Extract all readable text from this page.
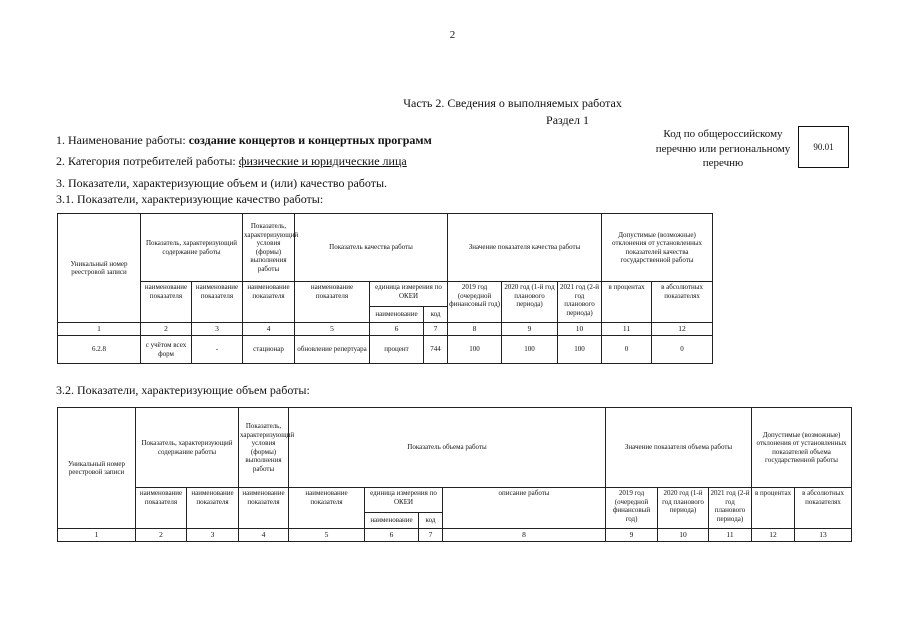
2
Часть 2. Сведения о выполняемых работах
Раздел 1
1. Наименование работы: создание концертов и концертных программ
2. Категория потребителей работы: физические и юридические лица
3. Показатели, характеризующие объем и (или) качество работы.
3.1. Показатели, характеризующие качество работы:
Код по общероссийскому перечню или региональному перечню
90.01
Уникальный номер реестровой записи	Показатель, характеризующий содержание работы		Показатель, характеризующий условия (формы) выполнения работы	Показатель качества работы			Значение показателя качества работы			Допустимые (возможные) отклонения от установленных показателей качества государственной работы	
	наименование показателя	наименование показателя	наименование показателя	наименование показателя	единица измерения по ОКЕИ		2019 год (очередной финансовый год)	2020 год (1-й год планового периода)	2021 год (2-й год планового периода)	в процентах	в абсолютных показателях
					наименование	код					
1	2	3	4	5	6	7	8	9	10	11	12
6.2.8	с учётом всех форм	-	стационар	обновление репертуара	процент	744	100	100	100	0	0
3.2. Показатели, характеризующие объем работы:
Уникальный номер реестровой записи	Показатель, характеризующий содержание работы		Показатель, характеризующий условия (формы) выполнения работы	Показатель объема работы				Значение показателя объема работы			Допустимые (возможные) отклонения от установленных показателей объема государственной работы	
	наименование показателя	наименование показателя	наименование показателя	наименование показателя	единица измерения по ОКЕИ		описание работы	2019 год (очередной финансовый год)	2020 год (1-й год планового периода)	2021 год (2-й год планового периода)	в процентах	в абсолютных показателях
					наименование	код						
1	2	3	4	5	6	7	8	9	10	11	12	13
